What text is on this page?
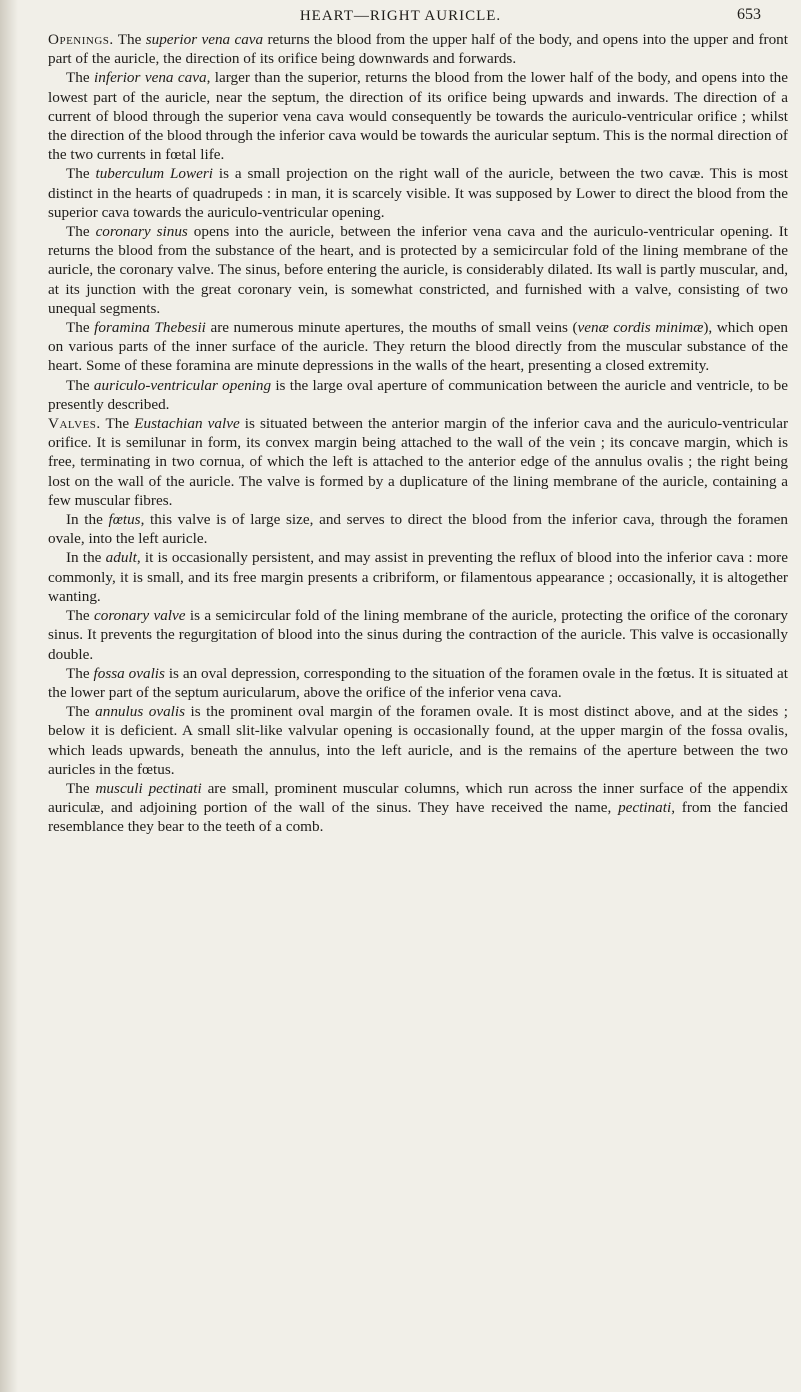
HEART—RIGHT AURICLE.	653

Openings. The superior vena cava returns the blood from the upper half of the body, and opens into the upper and front part of the auricle, the direction of its orifice being downwards and forwards.

The inferior vena cava, larger than the superior, returns the blood from the lower half of the body, and opens into the lowest part of the auricle, near the septum, the direction of its orifice being upwards and inwards. The direction of a current of blood through the superior vena cava would consequently be towards the auriculo-ventricular orifice ; whilst the direction of the blood through the inferior cava would be towards the auricular septum. This is the normal direction of the two currents in fœtal life.

The tuberculum Loweri is a small projection on the right wall of the auricle, between the two cavæ. This is most distinct in the hearts of quadrupeds : in man, it is scarcely visible. It was supposed by Lower to direct the blood from the superior cava towards the auriculo-ventricular opening.

The coronary sinus opens into the auricle, between the inferior vena cava and the auriculo-ventricular opening. It returns the blood from the substance of the heart, and is protected by a semicircular fold of the lining membrane of the auricle, the coronary valve. The sinus, before entering the auricle, is considerably dilated. Its wall is partly muscular, and, at its junction with the great coronary vein, is somewhat constricted, and furnished with a valve, consisting of two unequal segments.

The foramina Thebesii are numerous minute apertures, the mouths of small veins (venæ cordis minimæ), which open on various parts of the inner surface of the auricle. They return the blood directly from the muscular substance of the heart. Some of these foramina are minute depressions in the walls of the heart, presenting a closed extremity.

The auriculo-ventricular opening is the large oval aperture of communication between the auricle and ventricle, to be presently described.

Valves. The Eustachian valve is situated between the anterior margin of the inferior cava and the auriculo-ventricular orifice. It is semilunar in form, its convex margin being attached to the wall of the vein ; its concave margin, which is free, terminating in two cornua, of which the left is attached to the anterior edge of the annulus ovalis ; the right being lost on the wall of the auricle. The valve is formed by a duplicature of the lining membrane of the auricle, containing a few muscular fibres.

In the fœtus, this valve is of large size, and serves to direct the blood from the inferior cava, through the foramen ovale, into the left auricle.

In the adult, it is occasionally persistent, and may assist in preventing the reflux of blood into the inferior cava : more commonly, it is small, and its free margin presents a cribriform, or filamentous appearance ; occasionally, it is altogether wanting.

The coronary valve is a semicircular fold of the lining membrane of the auricle, protecting the orifice of the coronary sinus. It prevents the regurgitation of blood into the sinus during the contraction of the auricle. This valve is occasionally double.

The fossa ovalis is an oval depression, corresponding to the situation of the foramen ovale in the fœtus. It is situated at the lower part of the septum auricularum, above the orifice of the inferior vena cava.

The annulus ovalis is the prominent oval margin of the foramen ovale. It is most distinct above, and at the sides ; below it is deficient. A small slit-like valvular opening is occasionally found, at the upper margin of the fossa ovalis, which leads upwards, beneath the annulus, into the left auricle, and is the remains of the aperture between the two auricles in the fœtus.

The musculi pectinati are small, prominent muscular columns, which run across the inner surface of the appendix auriculæ, and adjoining portion of the wall of the sinus. They have received the name, pectinati, from the fancied resemblance they bear to the teeth of a comb.
